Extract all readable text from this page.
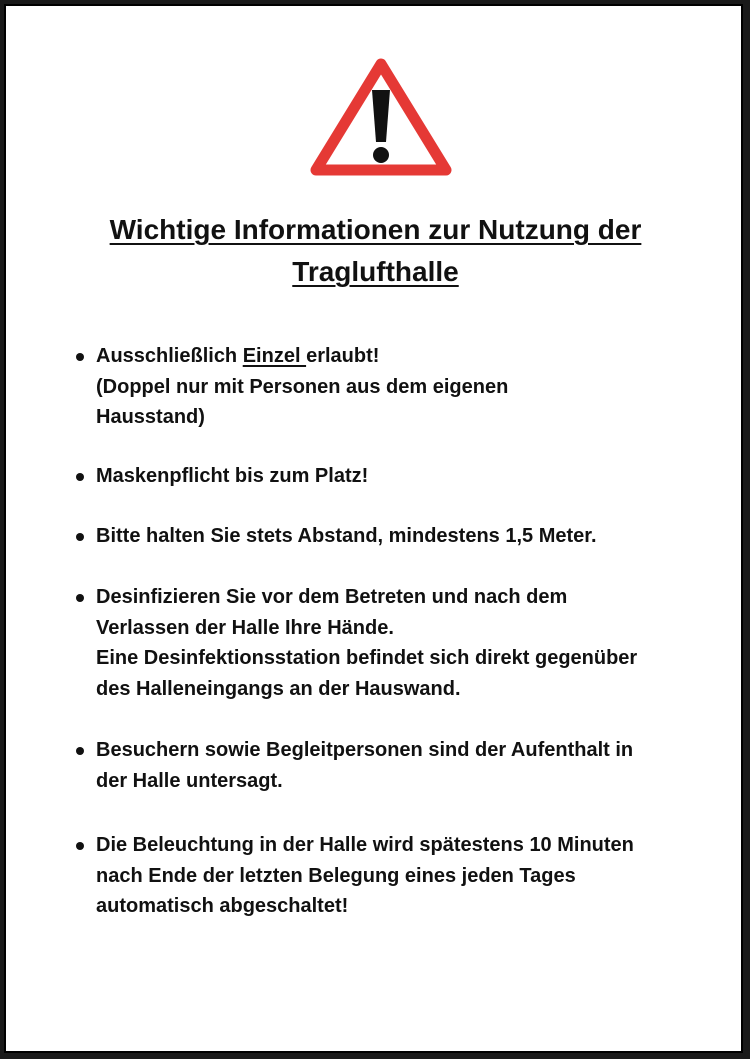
Wichtige Informationen zur Nutzung der
Traglufthalle
Ausschließlich Einzel erlaubt!
(Doppel nur mit Personen aus dem eigenen
Hausstand)
Maskenpflicht bis zum Platz!
Bitte halten Sie stets Abstand, mindestens 1,5 Meter.
Desinfizieren Sie vor dem Betreten und nach dem
Verlassen der Halle Ihre Hände.
Eine Desinfektionsstation befindet sich direkt gegenüber
des Halleneingangs an der Hauswand.
Besuchern sowie Begleitpersonen sind der Aufenthalt in
der Halle untersagt.
Die Beleuchtung in der Halle wird spätestens 10 Minuten
nach Ende der letzten Belegung eines jeden Tages
automatisch abgeschaltet!
